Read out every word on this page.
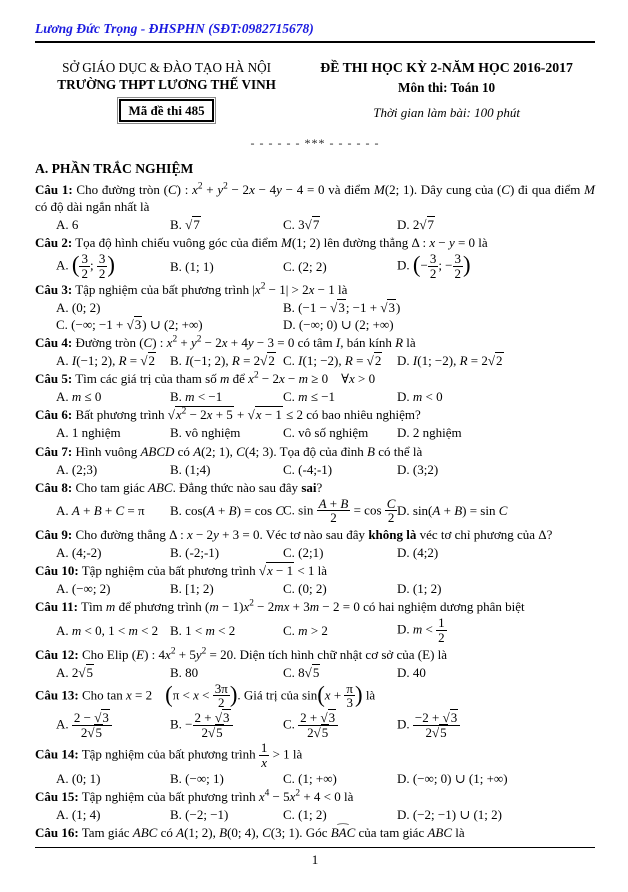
Lương Đức Trọng - ĐHSPHN (SĐT:0982715678)
SỞ GIÁO DỤC & ĐÀO TẠO HÀ NỘI
TRƯỜNG THPT LƯƠNG THẾ VINH
Mã đề thi 485
ĐỀ THI HỌC KỲ 2-NĂM HỌC 2016-2017
Môn thi: Toán 10
Thời gian làm bài: 100 phút
- - - - - - *** - - - - - -
A. PHẦN TRẮC NGHIỆM
Câu 1: Cho đường tròn (C) : $x^2 + y^2 - 2x - 4y - 4 = 0$ và điểm M(2; 1). Dây cung của (C) đi qua điểm M có độ dài ngắn nhất là
A. 6	B. √7	C. 3√7	D. 2√7
Câu 2: Tọa độ hình chiếu vuông góc của điểm M(1; 2) lên đường thẳng Δ : x − y = 0 là
A. ( $\frac{3}{2}$ ; $\frac{3}{2}$ )	B. (1; 1)	C. (2; 2)	D. (− $\frac{3}{2}$ ; − $\frac{3}{2}$ )
Câu 3: Tập nghiệm của bất phương trình $|x^2 - 1| > 2x - 1$ là
A. (0; 2)	B. (−1 − √3; −1 + √3)
C. (−∞; −1 + √3) ∪ (2; +∞)	D. (−∞; 0) ∪ (2; +∞)
Câu 4: Đường tròn (C) : $x^2 + y^2 - 2x + 4y - 3 = 0$ có tâm I, bán kính R là
A. I(−1; 2), R = √2	B. I(−1; 2), R = 2√2 C. I(1; −2), R = √2	D. I(1; −2), R = 2√2
Câu 5: Tìm các giá trị của tham số m để $x^2 - 2x - m \ge 0$  ∀x > 0
A. m ≤ 0	B. m < −1	C. m ≤ −1	D. m < 0
Câu 6: Bất phương trình $√x^2 - 2x + 5 + √x - 1 \le 2$ có bao nhiêu nghiệm?
A. 1 nghiệm	B. vô nghiệm	C. vô số nghiệm	D. 2 nghiệm
Câu 7: Hình vuông ABCD có A(2; 1), C(4; 3). Tọa độ của đỉnh B có thể là
A. (2;3)	B. (1;4)	C. (-4;-1)	D. (3;2)
Câu 8: Cho tam giác ABC. Đẳng thức nào sau đây sai?
A. A + B + C = π	B. cos(A + B) = cos C
C. $\sin \frac{A + B}{2} = \cos \frac{C}{2} D$. sin(A + B) = sin C
Câu 9: Cho đường thẳng Δ : x − 2y + 3 = 0. Véc tơ nào sau đây không là véc tơ chỉ phương của Δ?
A. (4;-2)	B. (-2;-1)	C. (2;1)	D. (4;2)
Câu 10: Tập nghiệm của bất phương trình √x − 1 < 1 là
A. (−∞; 2)	B. [1; 2)	C. (0; 2)	D. (1; 2)
Câu 11: Tìm m để phương trình $(m - 1)x^2 - 2mx + 3m - 2 = 0$ có hai nghiệm dương phân biệt
A. m < 0, 1 < m < 2 B. 1 < m < 2	C. m > 2	D. $m < \frac{1}{2}$
Câu 12: Cho Elip (E) : $4x^2 + 5y^2 = 20$. Diện tích hình chữ nhật cơ sở của (E) là
A. 2√5	B. 80	C. 8√5	D. 40
Câu 13: Cho tan x = 2  ($\pi < x < \frac{3\pi}{2}$ ). Giá trị của $\sin(x + \frac{\pi}{3}$ ) là
A. $\frac{2 - √3}{2√5}$	B. − $\frac{2 + √3}{2√5}$	C. $\frac{2 + √3}{2√5}$	D. $\frac{-2 + √3}{2√5}$
Câu 14: Tập nghiệm của bất phương trình $\frac{1}{x} > 1$ là
A. (0; 1)	B. (−∞; 1)	C. (1; +∞)	D. (−∞; 0) ∪ (1; +∞)
Câu 15: Tập nghiệm của bất phương trình $x^4 - 5x^2 + 4 < 0$ là
A. (1; 4)	B. (−2; −1)	C. (1; 2)	D. (−2; −1) ∪ (1; 2)
Câu 16: Tam giác ABC có A(1; 2), B(0; 4), C(3; 1). Góc
⌢
BAC của tam giác ABC là
1
